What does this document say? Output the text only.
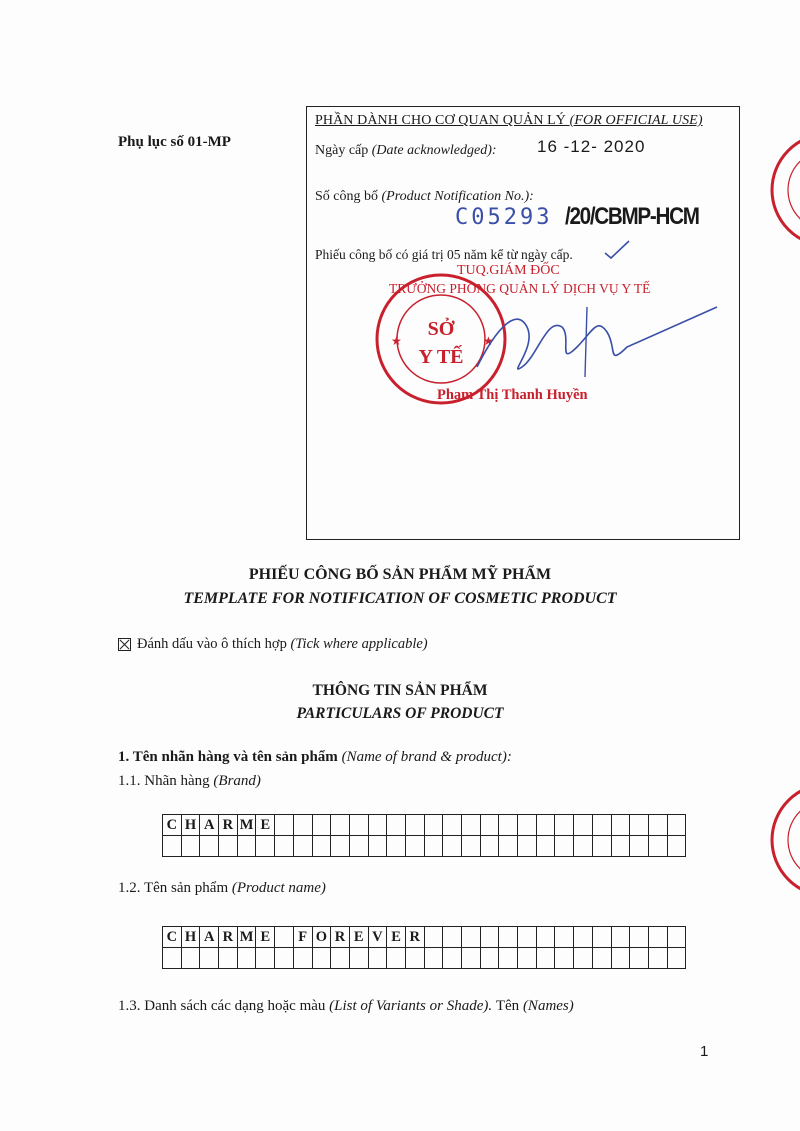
Phụ lục số 01-MP
PHẦN DÀNH CHO CƠ QUAN QUẢN LÝ (FOR OFFICIAL USE)
Ngày cấp (Date acknowledged): 16 -12- 2020
Số công bố (Product Notification No.):
C05293 /20/CBMP-HCM
Phiếu công bố có giá trị 05 năm kể từ ngày cấp.
SỞ
Y TẾ
★	★
TUQ.GIÁM ĐỐC
TRƯỞNG PHÒNG QUẢN LÝ DỊCH VỤ Y TẾ
Phạm Thị Thanh Huyền
PHIẾU CÔNG BỐ SẢN PHẨM MỸ PHẨM
TEMPLATE FOR NOTIFICATION OF COSMETIC PRODUCT
Đánh dấu vào ô thích hợp
(Tick where applicable)
THÔNG TIN SẢN PHẨM
PARTICULARS OF PRODUCT
1. Tên nhãn hàng và tên sản phẩm (Name of brand & product):
1.1. Nhãn hàng (Brand)
C	H	A	R	M	E																						

1.2. Tên sản phẩm (Product name)
C	H	A	R	M	E		F	O	R	E	V	E	R														

1.3. Danh sách các dạng hoặc màu (List of Variants or Shade). Tên (Names)
1
